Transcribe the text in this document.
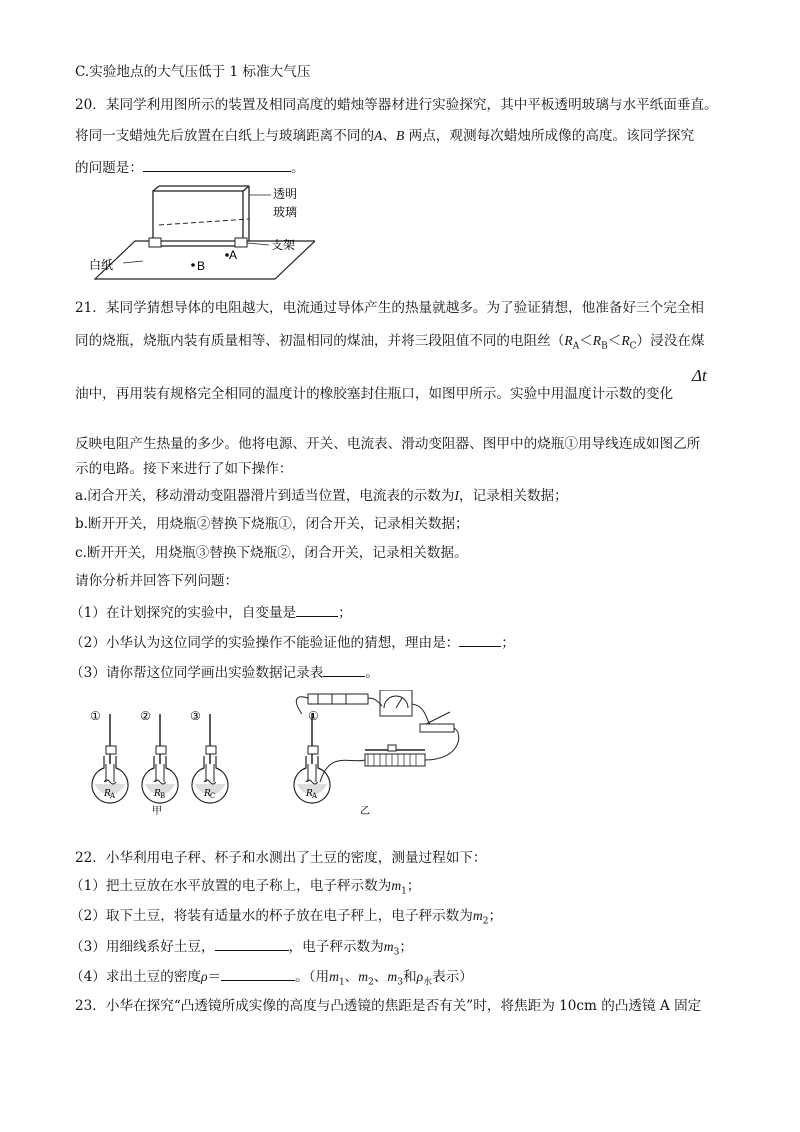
C.实验地点的大气压低于 1 标准大气压
20．某同学利用图所示的装置及相同高度的蜡烛等器材进行实验探究，其中平板透明玻璃与水平纸面垂直。
将同一支蜡烛先后放置在白纸上与玻璃距离不同的A、B 两点，观测每次蜡烛所成像的高度。该同学探究
的问题是：	。
A
B
透明
玻璃
支架
白纸
21．某同学猜想导体的电阻越大，电流通过导体产生的热量就越多。为了验证猜想，他准备好三个完全相
同的烧瓶，烧瓶内装有质量相等、初温相同的煤油，并将三段阻值不同的电阻丝$(R_A<R_B<R_C)$浸没在煤
油中，再用装有规格完全相同的温度计的橡胶塞封住瓶口，如图甲所示。实验中用温度计示数的变化
Δt
反映电阻产生热量的多少。他将电源、开关、电流表、滑动变阻器、图甲中的烧瓶①用导线连成如图乙所
示的电路。接下来进行了如下操作：
a.闭合开关，移动滑动变阻器滑片到适当位置，电流表的示数为I，记录相关数据；
b.断开开关，用烧瓶②替换下烧瓶①，闭合开关，记录相关数据；
c.断开开关，用烧瓶③替换下烧瓶②，闭合开关，记录相关数据。
请你分析并回答下列问题：
（1）在计划探究的实验中，自变量是	；
（2）小华认为这位同学的实验操作不能验证他的猜想，理由是：	；
（3）请你帮这位同学画出实验数据记录表	。
①	②	③
R A	R B	R C
甲
①
R A
乙
22．小华利用电子秤、杯子和水测出了土豆的密度，测量过程如下：
（1）把土豆放在水平放置的电子称上，电子秤示数为$m_1$；
（2）取下土豆，将装有适量水的杯子放在电子秤上，电子秤示数为$m_2$；
（3）用细线系好土豆，	，电子秤示数为$m_3$；
（4）求出土豆的密度ρ＝	。（用$m_1$、$m_2$、$m_3$和$\rho_水$表示）
23．小华在探究“凸透镜所成实像的高度与凸透镜的焦距是否有关”时，将焦距为 10cm 的凸透镜 A 固定
